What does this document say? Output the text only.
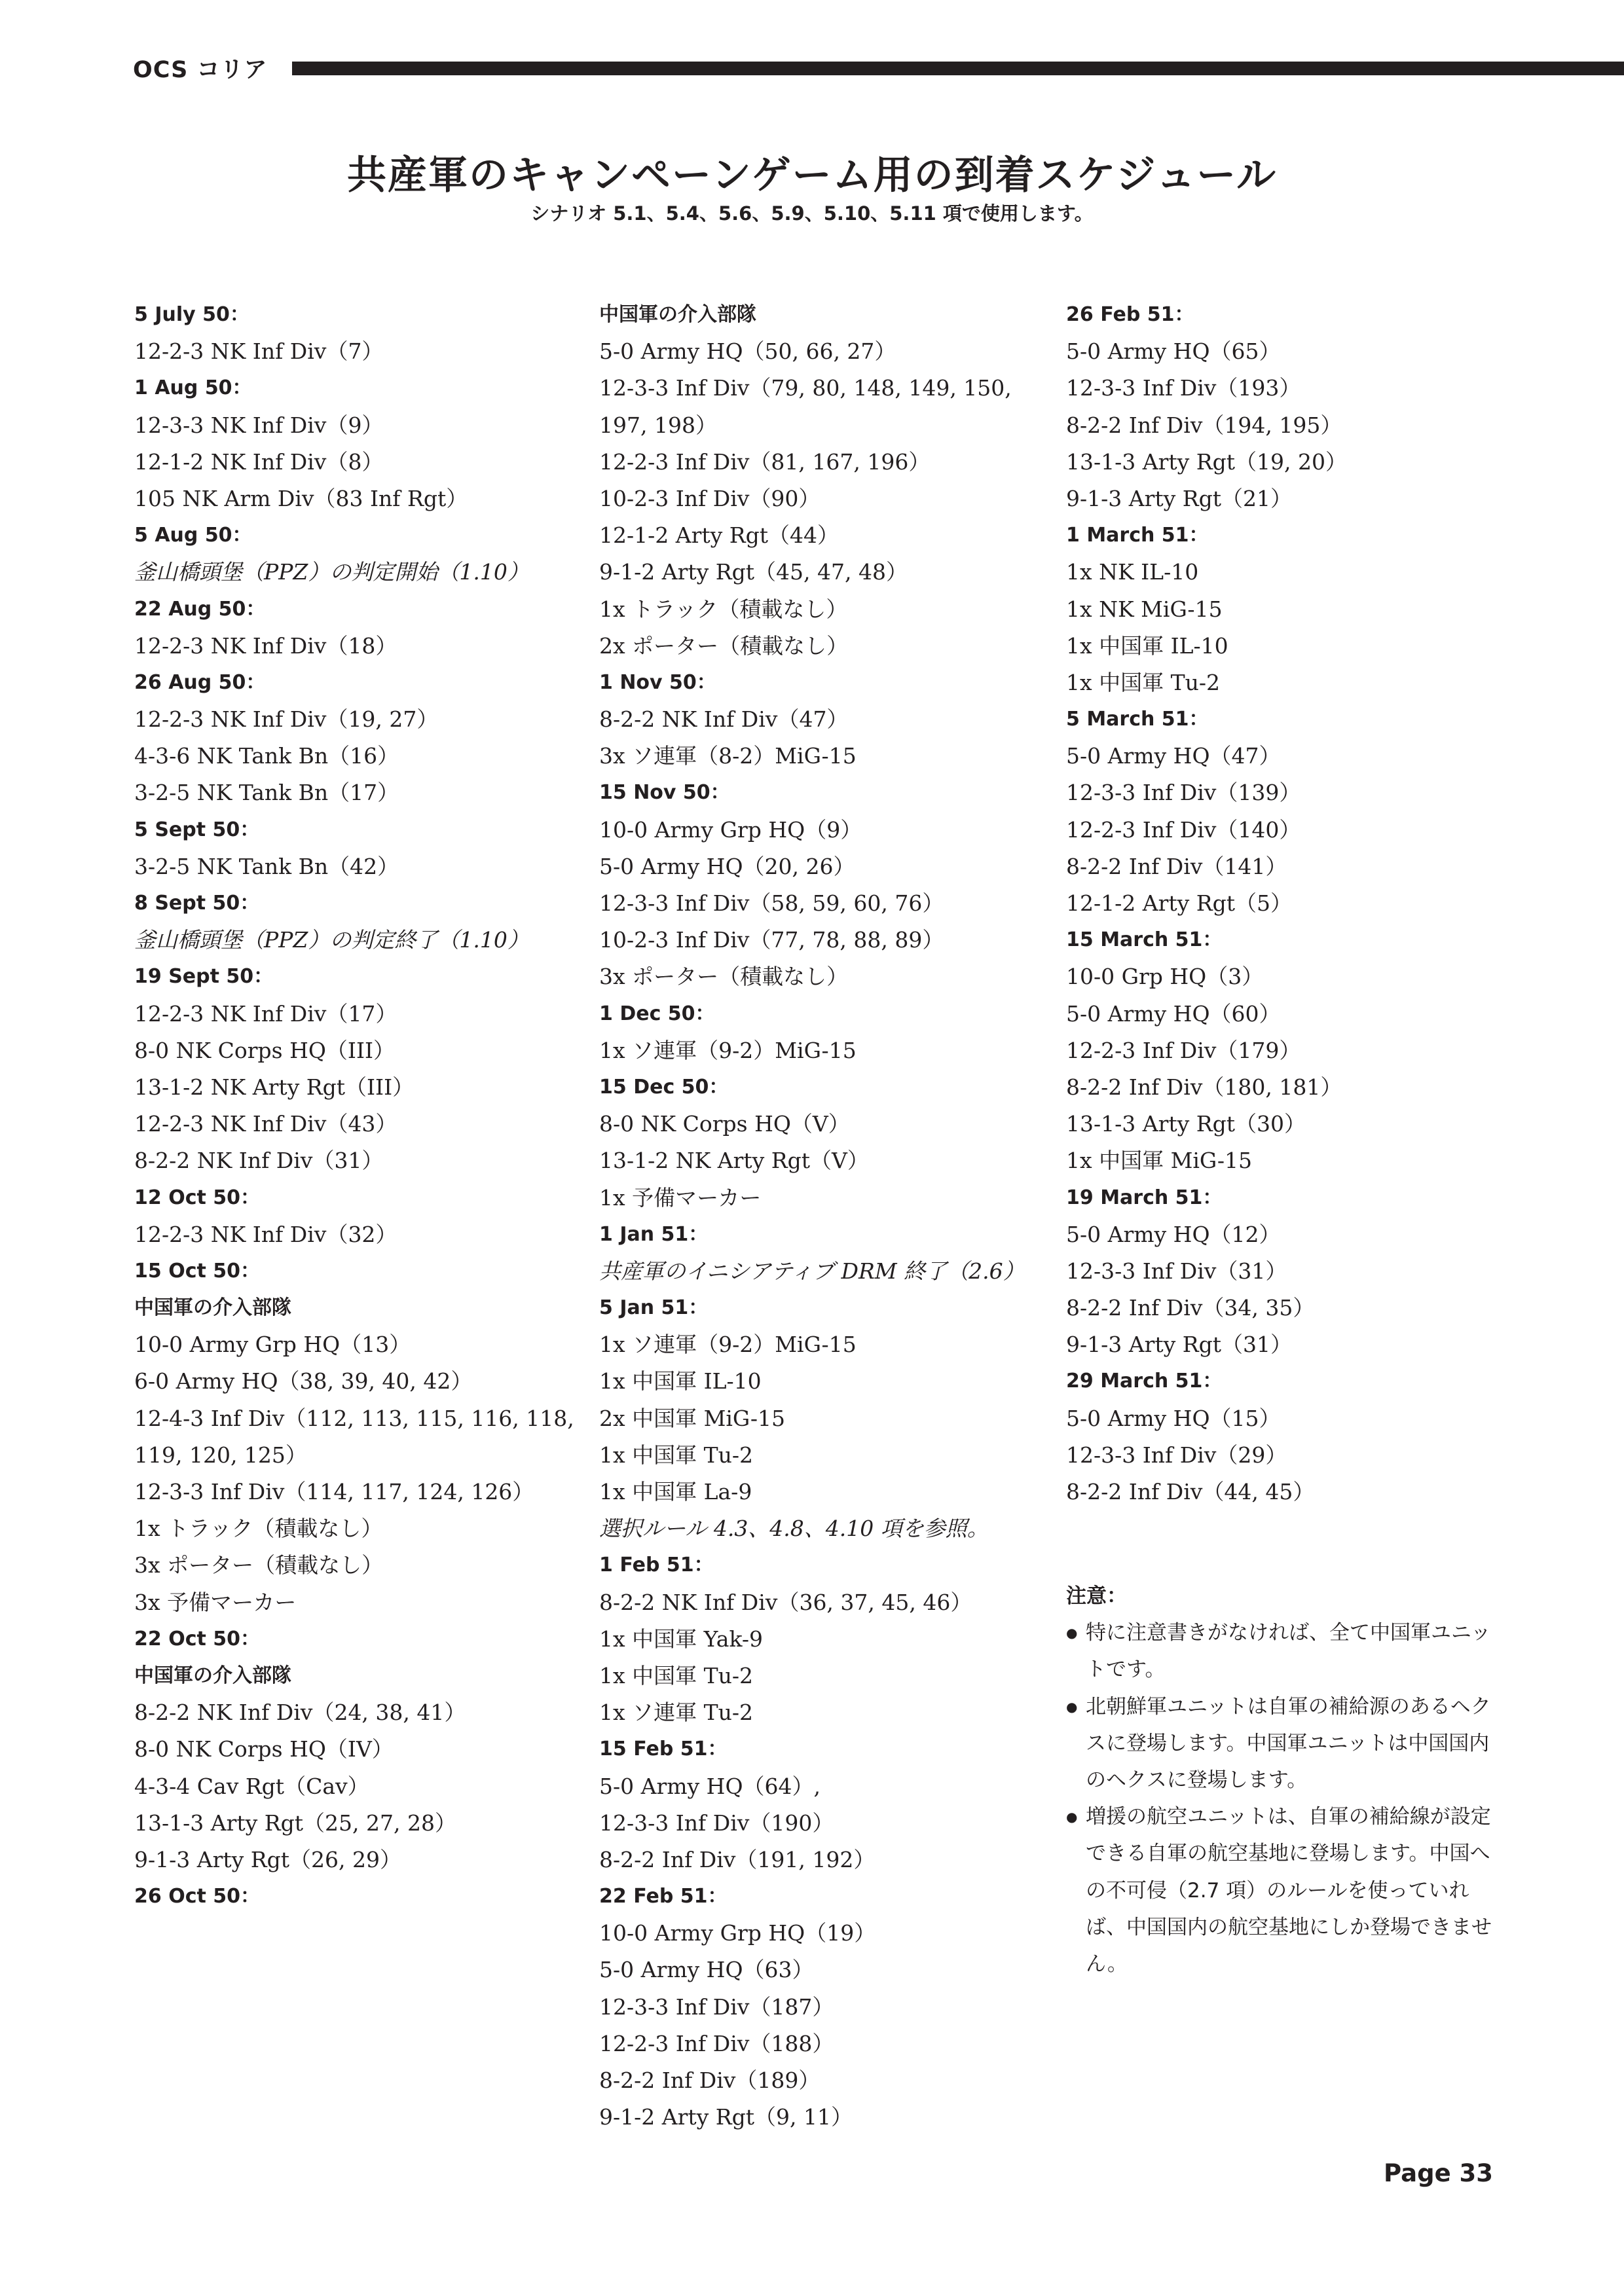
OCS コリア
共産軍のキャンペーンゲーム用の到着スケジュール
シナリオ 5.1、5.4、5.6、5.9、5.10、5.11 項で使用します。
5 July 50：
12-2-3 NK Inf Div（7）
1 Aug 50：
12-3-3 NK Inf Div（9）
12-1-2 NK Inf Div（8）
105 NK Arm Div（83 Inf Rgt）
5 Aug 50：
釜山橋頭堡（PPZ）の判定開始（1.10）
22 Aug 50：
12-2-3 NK Inf Div（18）
26 Aug 50：
12-2-3 NK Inf Div（19, 27）
4-3-6 NK Tank Bn（16）
3-2-5 NK Tank Bn（17）
5 Sept 50：
3-2-5 NK Tank Bn（42）
8 Sept 50：
釜山橋頭堡（PPZ）の判定終了（1.10）
19 Sept 50：
12-2-3 NK Inf Div（17）
8-0 NK Corps HQ（III）
13-1-2 NK Arty Rgt（III）
12-2-3 NK Inf Div（43）
8-2-2 NK Inf Div（31）
12 Oct 50：
12-2-3 NK Inf Div（32）
15 Oct 50：
中国軍の介入部隊
10-0 Army Grp HQ（13）
6-0 Army HQ（38, 39, 40, 42）
12-4-3 Inf Div（112, 113, 115, 116, 118,
119, 120, 125）
12-3-3 Inf Div（114, 117, 124, 126）
1x トラック（積載なし）
3x ポーター（積載なし）
3x 予備マーカー
22 Oct 50：
中国軍の介入部隊
8-2-2 NK Inf Div（24, 38, 41）
8-0 NK Corps HQ（IV）
4-3-4 Cav Rgt（Cav）
13-1-3 Arty Rgt（25, 27, 28）
9-1-3 Arty Rgt（26, 29）
26 Oct 50：
中国軍の介入部隊
5-0 Army HQ（50, 66, 27）
12-3-3 Inf Div（79, 80, 148, 149, 150,
197, 198）
12-2-3 Inf Div（81, 167, 196）
10-2-3 Inf Div（90）
12-1-2 Arty Rgt（44）
9-1-2 Arty Rgt（45, 47, 48）
1x トラック（積載なし）
2x ポーター（積載なし）
1 Nov 50：
8-2-2 NK Inf Div（47）
3x ソ連軍（8-2）MiG-15
15 Nov 50：
10-0 Army Grp HQ（9）
5-0 Army HQ（20, 26）
12-3-3 Inf Div（58, 59, 60, 76）
10-2-3 Inf Div（77, 78, 88, 89）
3x ポーター（積載なし）
1 Dec 50：
1x ソ連軍（9-2）MiG-15
15 Dec 50：
8-0 NK Corps HQ（V）
13-1-2 NK Arty Rgt（V）
1x 予備マーカー
1 Jan 51：
共産軍のイニシアティブ DRM 終了（2.6）
5 Jan 51：
1x ソ連軍（9-2）MiG-15
1x 中国軍 IL-10
2x 中国軍 MiG-15
1x 中国軍 Tu-2
1x 中国軍 La-9
選択ルール 4.3、4.8、4.10 項を参照。
1 Feb 51：
8-2-2 NK Inf Div（36, 37, 45, 46）
1x 中国軍 Yak-9
1x 中国軍 Tu-2
1x ソ連軍 Tu-2
15 Feb 51：
5-0 Army HQ（64）,
12-3-3 Inf Div（190）
8-2-2 Inf Div（191, 192）
22 Feb 51：
10-0 Army Grp HQ（19）
5-0 Army HQ（63）
12-3-3 Inf Div（187）
12-2-3 Inf Div（188）
8-2-2 Inf Div（189）
9-1-2 Arty Rgt（9, 11）
26 Feb 51：
5-0 Army HQ（65）
12-3-3 Inf Div（193）
8-2-2 Inf Div（194, 195）
13-1-3 Arty Rgt（19, 20）
9-1-3 Arty Rgt（21）
1 March 51：
1x NK IL-10
1x NK MiG-15
1x 中国軍 IL-10
1x 中国軍 Tu-2
5 March 51：
5-0 Army HQ（47）
12-3-3 Inf Div（139）
12-2-3 Inf Div（140）
8-2-2 Inf Div（141）
12-1-2 Arty Rgt（5）
15 March 51：
10-0 Grp HQ（3）
5-0 Army HQ（60）
12-2-3 Inf Div（179）
8-2-2 Inf Div（180, 181）
13-1-3 Arty Rgt（30）
1x 中国軍 MiG-15
19 March 51：
5-0 Army HQ（12）
12-3-3 Inf Div（31）
8-2-2 Inf Div（34, 35）
9-1-3 Arty Rgt（31）
29 March 51：
5-0 Army HQ（15）
12-3-3 Inf Div（29）
8-2-2 Inf Div（44, 45）
注意：
● 特に注意書きがなければ、全て中国軍ユニットです。
● 北朝鮮軍ユニットは自軍の補給源のあるヘクスに登場します。中国軍ユニットは中国国内のヘクスに登場します。
● 増援の航空ユニットは、自軍の補給線が設定できる自軍の航空基地に登場します。中国への不可侵（2.7 項）のルールを使っていれば、中国国内の航空基地にしか登場できません。
Page 33
